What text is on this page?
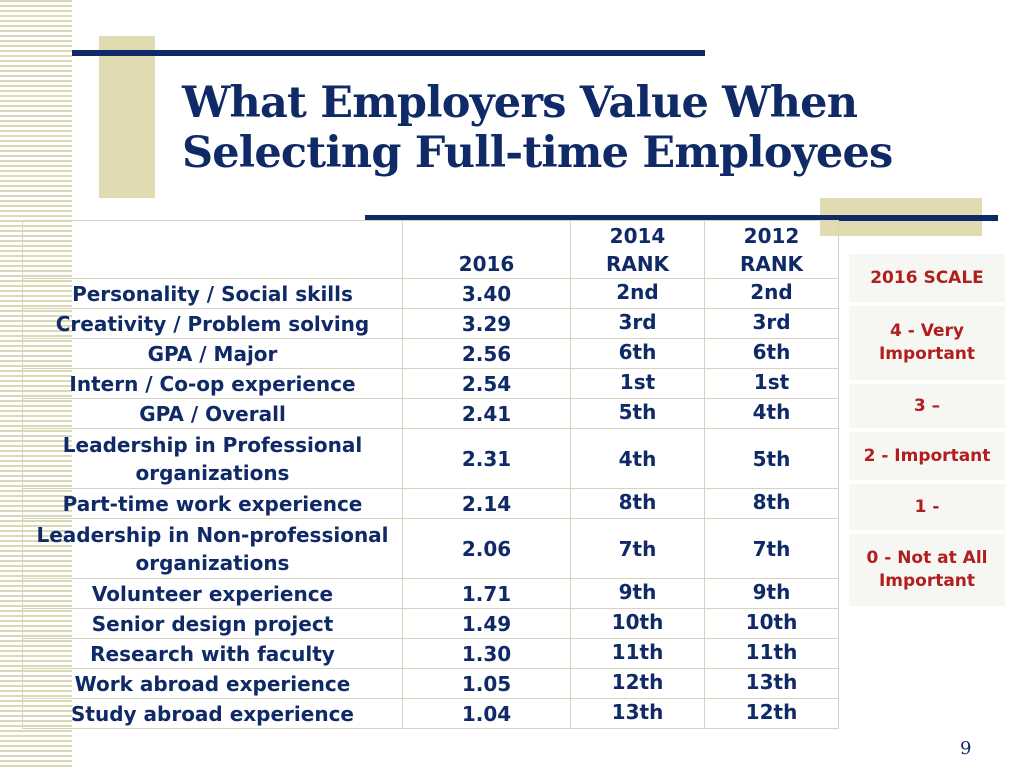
What Employers Value When
Selecting Full-time Employees
	2016	2014 RANK	2012 RANK
Personality / Social skills	3.40	2nd	2nd
Creativity / Problem solving	3.29	3rd	3rd
GPA / Major	2.56	6th	6th
Intern / Co-op experience	2.54	1st	1st
GPA / Overall	2.41	5th	4th
Leadership in Professional organizations	2.31	4th	5th
Part-time work experience	2.14	8th	8th
Leadership in Non-professional organizations	2.06	7th	7th
Volunteer experience	1.71	9th	9th
Senior design project	1.49	10th	10th
Research with faculty	1.30	11th	11th
Work abroad experience	1.05	12th	13th
Study abroad experience	1.04	13th	12th
2016 SCALE
4 - Very Important
3 –
2 - Important
1 -
0 - Not at All Important
9
